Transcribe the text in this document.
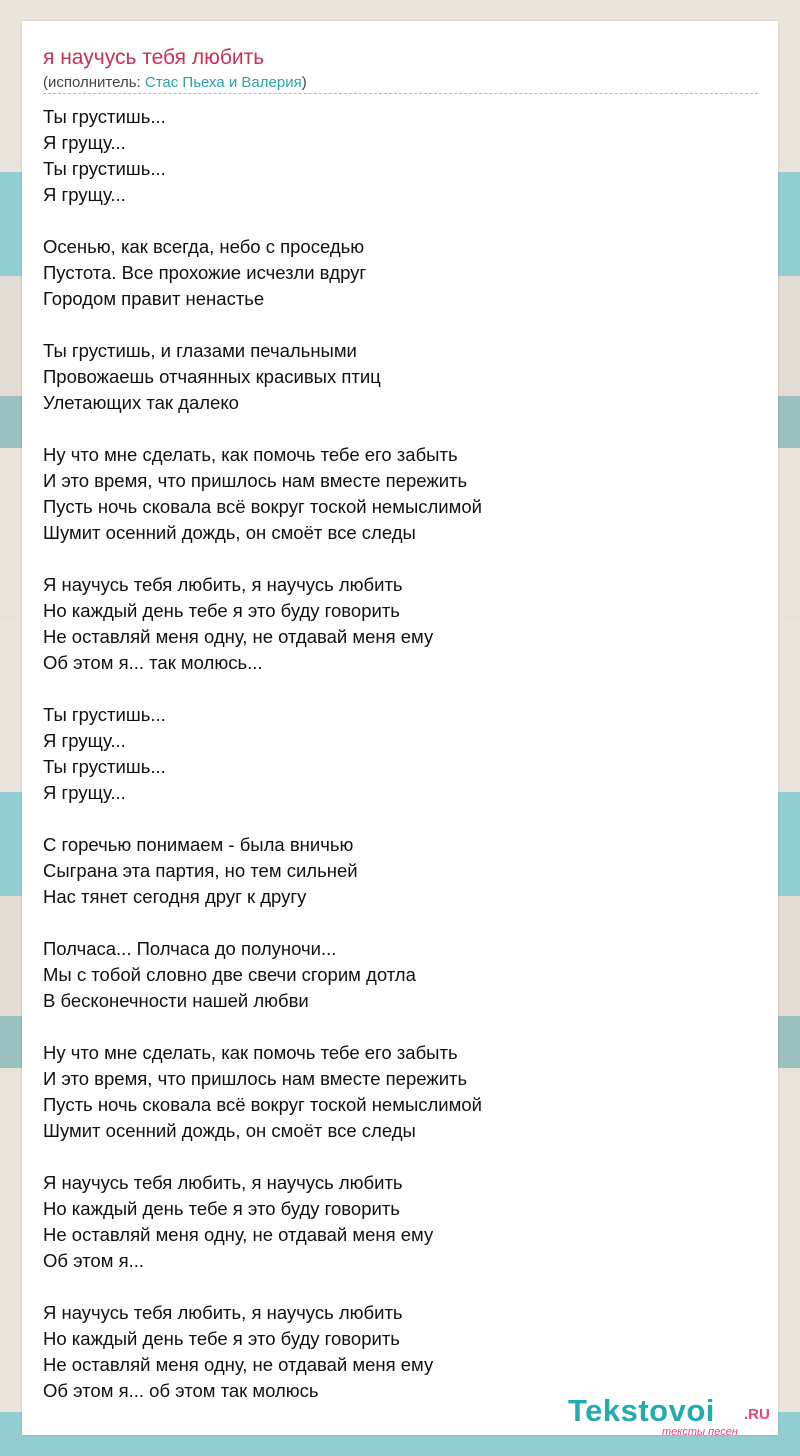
я научусь тебя любить
(исполнитель: Стас Пьеха и Валерия)
Ты грустишь...
Я грущу...
Ты грустишь...
Я грущу...
Осенью, как всегда, небо с проседью
Пустота. Все прохожие исчезли вдруг
Городом правит ненастье
Ты грустишь, и глазами печальными
Провожаешь отчаянных красивых птиц
Улетающих так далеко
Ну что мне сделать, как помочь тебе его забыть
И это время, что пришлось нам вместе пережить
Пусть ночь сковала всё вокруг тоской немыслимой
Шумит осенний дождь, он смоёт все следы
Я научусь тебя любить, я научусь любить
Но каждый день тебе я это буду говорить
Не оставляй меня одну, не отдавай меня ему
Об этом я... так молюсь...
Ты грустишь...
Я грущу...
Ты грустишь...
Я грущу...
С горечью понимаем - была вничью
Сыграна эта партия, но тем сильней
Нас тянет сегодня друг к другу
Полчаса... Полчаса до полуночи...
Мы с тобой словно две свечи сгорим дотла
В бесконечности нашей любви
Ну что мне сделать, как помочь тебе его забыть
И это время, что пришлось нам вместе пережить
Пусть ночь сковала всё вокруг тоской немыслимой
Шумит осенний дождь, он смоёт все следы
Я научусь тебя любить, я научусь любить
Но каждый день тебе я это буду говорить
Не оставляй меня одну, не отдавай меня ему
Об этом я...
Я научусь тебя любить, я научусь любить
Но каждый день тебе я это буду говорить
Не оставляй меня одну, не отдавай меня ему
Об этом я... об этом так молюсь
Tekstovoi .RU
тексты песен
